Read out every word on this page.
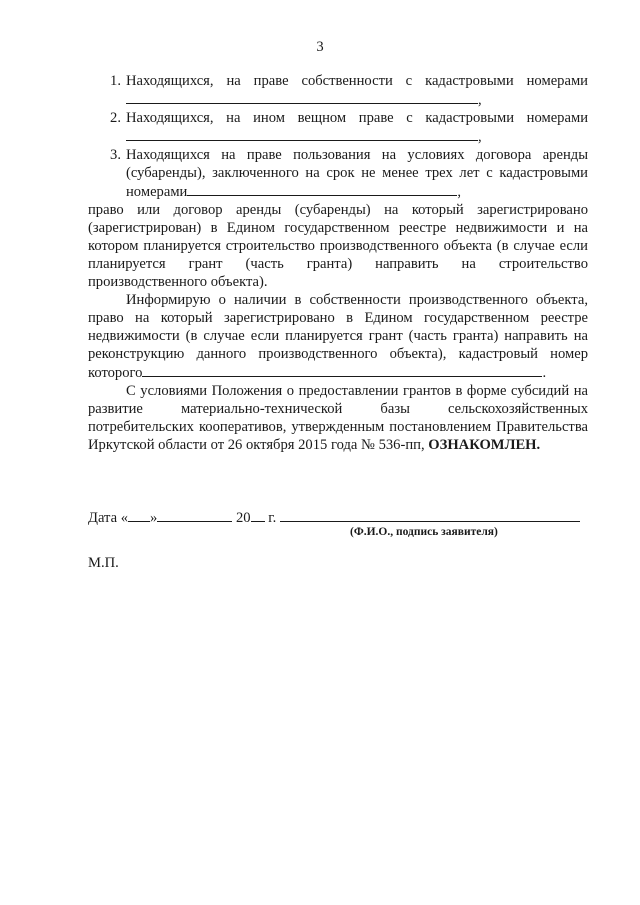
3
1. Находящихся, на праве собственности с кадастровыми номерами,
2. Находящихся, на ином вещном праве с кадастровыми номерами,
3. Находящихся на праве пользования на условиях договора аренды (субаренды), заключенного на срок не менее трех лет с кадастровыми номерами	,

право или договор аренды (субаренды) на который зарегистрировано (зарегистрирован) в Едином государственном реестре недвижимости и на котором планируется строительство производственного объекта (в случае если планируется грант (часть гранта) направить на строительство производственного объекта).

Информирую о наличии в собственности производственного объекта, право на который зарегистрировано в Едином государственном реестре недвижимости (в случае если планируется грант (часть гранта) направить на реконструкцию данного производственного объекта), кадастровый номер которого	.

С условиями Положения о предоставлении грантов в форме субсидий на развитие материально-технической базы сельскохозяйственных потребительских кооперативов, утвержденным постановлением Правительства Иркутской области от 26 октября 2015 года № 536-пп, ОЗНАКОМЛЕН.

Дата « »	20 г.
(Ф.И.О., подпись заявителя)
М.П.
